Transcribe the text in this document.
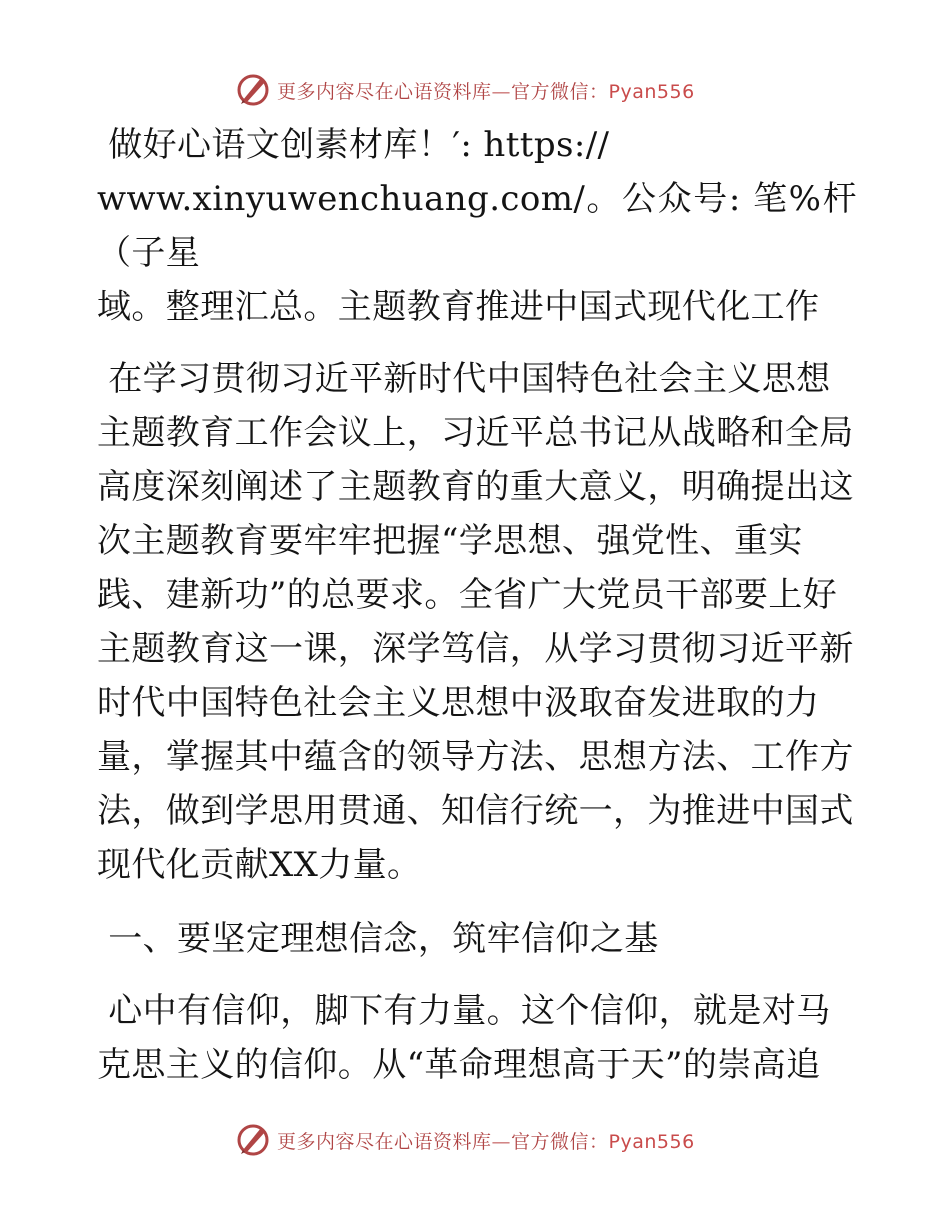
更多内容尽在心语资料库—官方微信：Pyan556

做好心语文创素材库！′: https://
www.xinyuwenchuang.com/。公众号: 笔%杆（子星
域。整理汇总。主题教育推进中国式现代化工作

在学习贯彻习近平新时代中国特色社会主义思想
主题教育工作会议上，习近平总书记从战略和全局
高度深刻阐述了主题教育的重大意义，明确提出这
次主题教育要牢牢把握“学思想、强党性、重实
践、建新功”的总要求。全省广大党员干部要上好
主题教育这一课，深学笃信，从学习贯彻习近平新
时代中国特色社会主义思想中汲取奋发进取的力
量，掌握其中蕴含的领导方法、思想方法、工作方
法，做到学思用贯通、知信行统一，为推进中国式
现代化贡献XX力量。

一、要坚定理想信念，筑牢信仰之基

心中有信仰，脚下有力量。这个信仰，就是对马
克思主义的信仰。从“革命理想高于天”的崇高追

更多内容尽在心语资料库—官方微信：Pyan556
